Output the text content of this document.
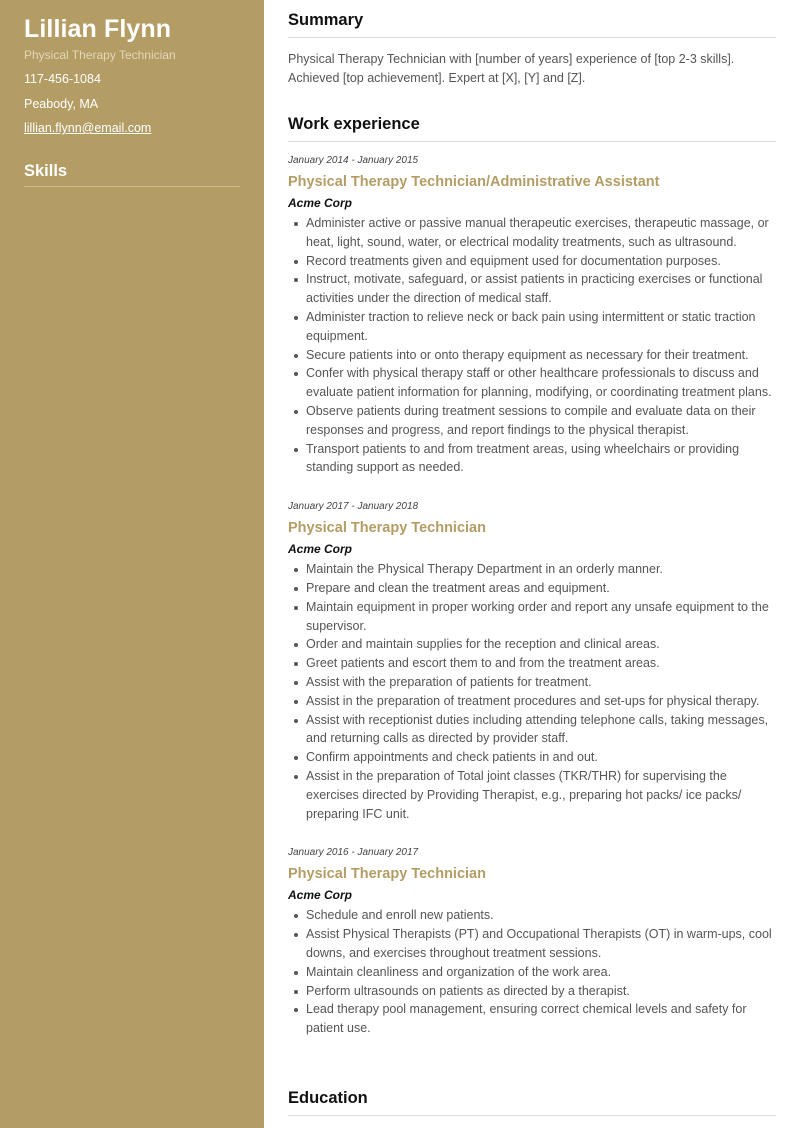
Lillian Flynn
Physical Therapy Technician
117-456-1084
Peabody, MA
lillian.flynn@email.com
Skills
Summary
Physical Therapy Technician with [number of years] experience of [top 2-3 skills]. Achieved [top achievement]. Expert at [X], [Y] and [Z].
Work experience
January 2014 - January 2015
Physical Therapy Technician/Administrative Assistant
Acme Corp
Administer active or passive manual therapeutic exercises, therapeutic massage, or heat, light, sound, water, or electrical modality treatments, such as ultrasound.
Record treatments given and equipment used for documentation purposes.
Instruct, motivate, safeguard, or assist patients in practicing exercises or functional activities under the direction of medical staff.
Administer traction to relieve neck or back pain using intermittent or static traction equipment.
Secure patients into or onto therapy equipment as necessary for their treatment.
Confer with physical therapy staff or other healthcare professionals to discuss and evaluate patient information for planning, modifying, or coordinating treatment plans.
Observe patients during treatment sessions to compile and evaluate data on their responses and progress, and report findings to the physical therapist.
Transport patients to and from treatment areas, using wheelchairs or providing standing support as needed.
January 2017 - January 2018
Physical Therapy Technician
Acme Corp
Maintain the Physical Therapy Department in an orderly manner.
Prepare and clean the treatment areas and equipment.
Maintain equipment in proper working order and report any unsafe equipment to the supervisor.
Order and maintain supplies for the reception and clinical areas.
Greet patients and escort them to and from the treatment areas.
Assist with the preparation of patients for treatment.
Assist in the preparation of treatment procedures and set-ups for physical therapy.
Assist with receptionist duties including attending telephone calls, taking messages, and returning calls as directed by provider staff.
Confirm appointments and check patients in and out.
Assist in the preparation of Total joint classes (TKR/THR) for supervising the exercises directed by Providing Therapist, e.g., preparing hot packs/ ice packs/ preparing IFC unit.
January 2016 - January 2017
Physical Therapy Technician
Acme Corp
Schedule and enroll new patients.
Assist Physical Therapists (PT) and Occupational Therapists (OT) in warm-ups, cool downs, and exercises throughout treatment sessions.
Maintain cleanliness and organization of the work area.
Perform ultrasounds on patients as directed by a therapist.
Lead therapy pool management, ensuring correct chemical levels and safety for patient use.
Education
